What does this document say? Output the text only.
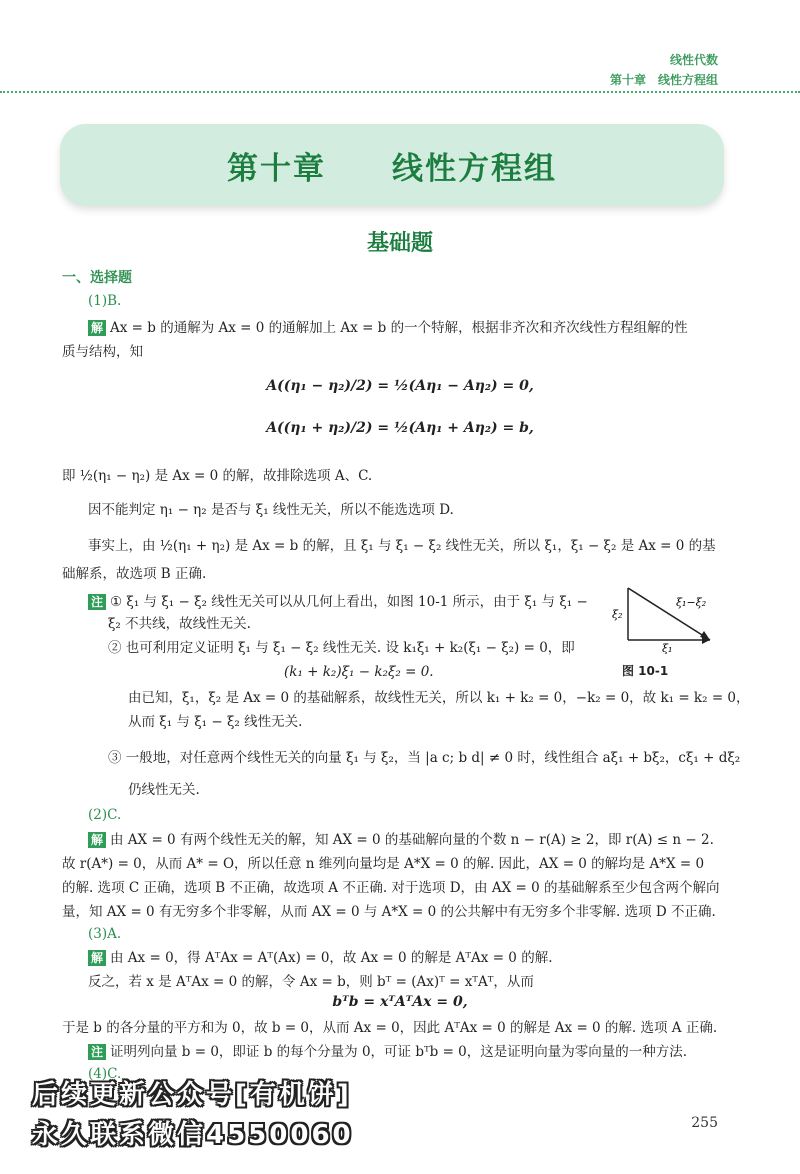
线性代数
第十章　线性方程组
第十章　　线性方程组
基础题
一、选择题
(1)B.
解 Ax = b 的通解为 Ax = 0 的通解加上 Ax = b 的一个特解，根据非齐次和齐次线性方程组解的性
质与结构，知
A((η₁ − η₂)/2) = ½(Aη₁ − Aη₂) = 0,
A((η₁ + η₂)/2) = ½(Aη₁ + Aη₂) = b,
即 ½(η₁ − η₂) 是 Ax = 0 的解，故排除选项 A、C.
因不能判定 η₁ − η₂ 是否与 ξ₁ 线性无关，所以不能选选项 D.
事实上，由 ½(η₁ + η₂) 是 Ax = b 的解，且 ξ₁ 与 ξ₁ − ξ₂ 线性无关，所以 ξ₁，ξ₁ − ξ₂ 是 Ax = 0 的基
础解系，故选项 B 正确.
注 ① ξ₁ 与 ξ₁ − ξ₂ 线性无关可以从几何上看出，如图 10-1 所示，由于 ξ₁ 与 ξ₁ −
ξ₂ 不共线，故线性无关.
② 也可利用定义证明 ξ₁ 与 ξ₁ − ξ₂ 线性无关. 设 k₁ξ₁ + k₂(ξ₁ − ξ₂) = 0，即
(k₁ + k₂)ξ₁ − k₂ξ₂ = 0.
由已知，ξ₁，ξ₂ 是 Ax = 0 的基础解系，故线性无关，所以 k₁ + k₂ = 0，−k₂ = 0，故 k₁ = k₂ = 0，
从而 ξ₁ 与 ξ₁ − ξ₂ 线性无关.
③ 一般地，对任意两个线性无关的向量 ξ₁ 与 ξ₂，当 |a c; b d| ≠ 0 时，线性组合 aξ₁ + bξ₂，cξ₁ + dξ₂
仍线性无关.
ξ₁−ξ₂
ξ₂
ξ₁
图 10-1
(2)C.
解 由 AX = 0 有两个线性无关的解，知 AX = 0 的基础解向量的个数 n − r(A) ≥ 2，即 r(A) ≤ n − 2.
故 r(A*) = 0，从而 A* = O，所以任意 n 维列向量均是 A*X = 0 的解. 因此，AX = 0 的解均是 A*X = 0
的解. 选项 C 正确，选项 B 不正确，故选项 A 不正确. 对于选项 D，由 AX = 0 的基础解系至少包含两个解向
量，知 AX = 0 有无穷多个非零解，从而 AX = 0 与 A*X = 0 的公共解中有无穷多个非零解. 选项 D 不正确.
(3)A.
解 由 Ax = 0，得 AᵀAx = Aᵀ(Ax) = 0，故 Ax = 0 的解是 AᵀAx = 0 的解.
反之，若 x 是 AᵀAx = 0 的解，令 Ax = b，则 bᵀ = (Ax)ᵀ = xᵀAᵀ，从而
bᵀb = xᵀAᵀAx = 0,
于是 b 的各分量的平方和为 0，故 b = 0，从而 Ax = 0，因此 AᵀAx = 0 的解是 Ax = 0 的解. 选项 A 正确.
注 证明列向量 b = 0，即证 b 的每个分量为 0，可证 bᵀb = 0，这是证明向量为零向量的一种方法.
(4)C.
255
后续更新公众号[有机饼]
永久联系微信4550060
